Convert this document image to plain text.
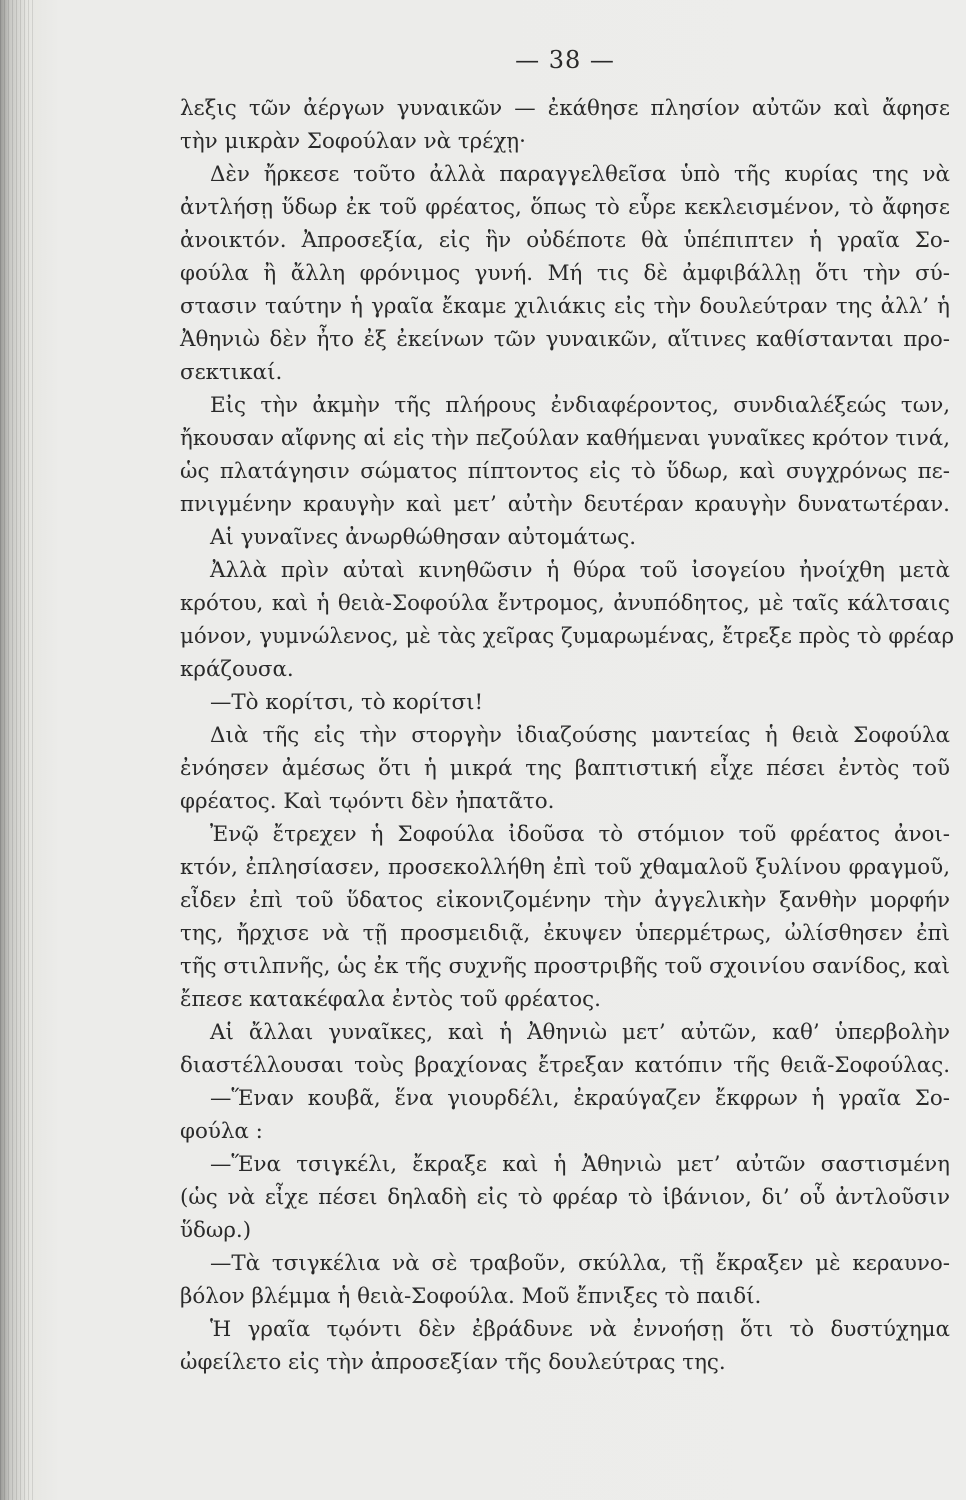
— 38 —
λεξις τῶν ἀέργων γυναικῶν — ἐκάθησε πλησίον αὐτῶν καὶ ἄφησε
τὴν μικρὰν Σοφούλαν νὰ τρέχῃ·
Δὲν ἤρκεσε τοῦτο ἀλλὰ παραγγελθεῖσα ὑπὸ τῆς κυρίας της νὰ
ἀντλήσῃ ὕδωρ ἐκ τοῦ φρέατος, ὅπως τὸ εὗρε κεκλεισμένον, τὸ ἄφησε
ἀνοικτόν. Ἀπροσεξία, εἰς ἣν οὐδέποτε θὰ ὑπέπιπτεν ἡ γραῖα Σο-
φούλα ἢ ἄλλη φρόνιμος γυνή. Μή τις δὲ ἀμφιβάλλῃ ὅτι τὴν σύ-
στασιν ταύτην ἡ γραῖα ἔκαμε χιλιάκις εἰς τὴν δουλεύτραν της ἀλλ’ ἡ
Ἀθηνιὼ δὲν ἦτο ἐξ ἐκείνων τῶν γυναικῶν, αἵτινες καθίστανται προ-
σεκτικαί.
Εἰς τὴν ἀκμὴν τῆς πλήρους ἐνδιαφέροντος, συνδιαλέξεώς των,
ἤκουσαν αἴφνης αἱ εἰς τὴν πεζούλαν καθήμεναι γυναῖκες κρότον τινά,
ὡς πλατάγησιν σώματος πίπτοντος εἰς τὸ ὕδωρ, καὶ συγχρόνως πε-
πνιγμένην κραυγὴν καὶ μετ’ αὐτὴν δευτέραν κραυγὴν δυνατωτέραν.
Αἱ γυναῖνες ἀνωρθώθησαν αὐτομάτως.
Ἀλλὰ πρὶν αὐταὶ κινηθῶσιν ἡ θύρα τοῦ ἰσογείου ἠνοίχθη μετὰ
κρότου, καὶ ἡ θειὰ-Σοφούλα ἔντρομος, ἀνυπόδητος, μὲ ταῖς κάλτσαις
μόνον, γυμνώλενος, μὲ τὰς χεῖρας ζυμαρωμένας, ἔτρεξε πρὸς τὸ φρέαρ
κράζουσα.
—Τὸ κορίτσι, τὸ κορίτσι!
Διὰ τῆς εἰς τὴν στοργὴν ἰδιαζούσης μαντείας ἡ θειὰ Σοφούλα
ἐνόησεν ἀμέσως ὅτι ἡ μικρά της βαπτιστική εἶχε πέσει ἐντὸς τοῦ
φρέατος. Καὶ τῳόντι δὲν ἠπατᾶτο.
Ἐνῷ ἔτρεχεν ἡ Σοφούλα ἰδοῦσα τὸ στόμιον τοῦ φρέατος ἀνοι-
κτόν, ἐπλησίασεν, προσεκολλήθη ἐπὶ τοῦ χθαμαλοῦ ξυλίνου φραγμοῦ,
εἶδεν ἐπὶ τοῦ ὕδατος εἰκονιζομένην τὴν ἀγγελικὴν ξανθὴν μορφήν
της, ἤρχισε νὰ τῇ προσμειδιᾷ, ἐκυψεν ὑπερμέτρως, ὠλίσθησεν ἐπὶ
τῆς στιλπνῆς, ὡς ἐκ τῆς συχνῆς προστριβῆς τοῦ σχοινίου σανίδος, καὶ
ἔπεσε κατακέφαλα ἐντὸς τοῦ φρέατος.
Αἱ ἄλλαι γυναῖκες, καὶ ἡ Ἀθηνιὼ μετ’ αὐτῶν, καθ’ ὑπερβολὴν
διαστέλλουσαι τοὺς βραχίονας ἔτρεξαν κατόπιν τῆς θειᾶ-Σοφούλας.
—Ἕναν κουβᾶ, ἕνα γιουρδέλι, ἐκραύγαζεν ἔκφρων ἡ γραῖα Σο-
φούλα :
—Ἕνα τσιγκέλι, ἔκραξε καὶ ἡ Ἀθηνιὼ μετ’ αὐτῶν σαστισμένη
(ὡς νὰ εἶχε πέσει δηλαδὴ εἰς τὸ φρέαρ τὸ ἱβάνιον, δι’ οὗ ἀντλοῦσιν
ὕδωρ.)
—Τὰ τσιγκέλια νὰ σὲ τραβοῦν, σκύλλα, τῇ ἔκραξεν μὲ κεραυνο-
βόλον βλέμμα ἡ θειὰ-Σοφούλα. Μοῦ ἔπνιξες τὸ παιδί.
Ἡ γραῖα τῳόντι δὲν ἐβράδυνε νὰ ἐννοήσῃ ὅτι τὸ δυστύχημα
ὠφείλετο εἰς τὴν ἀπροσεξίαν τῆς δουλεύτρας της.
